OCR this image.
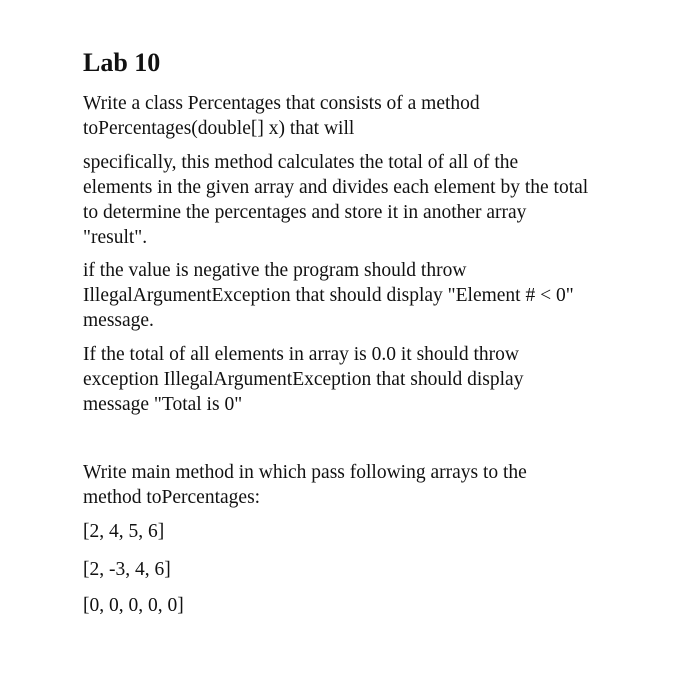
Lab 10

Write a class Percentages that consists of a method
toPercentages(double[] x) that will

specifically, this method calculates the total of all of the
elements in the given array and divides each element by the total
to determine the percentages and store it in another array
"result".

if the value is negative the program should throw
IllegalArgumentException that should display "Element # < 0"
message.

If the total of all elements in array is 0.0 it should throw
exception IllegalArgumentException that should display
message "Total is 0"

Write main method in which pass following arrays to the
method toPercentages:

[2, 4, 5, 6]

[2, -3, 4, 6]

[0, 0, 0, 0, 0]
